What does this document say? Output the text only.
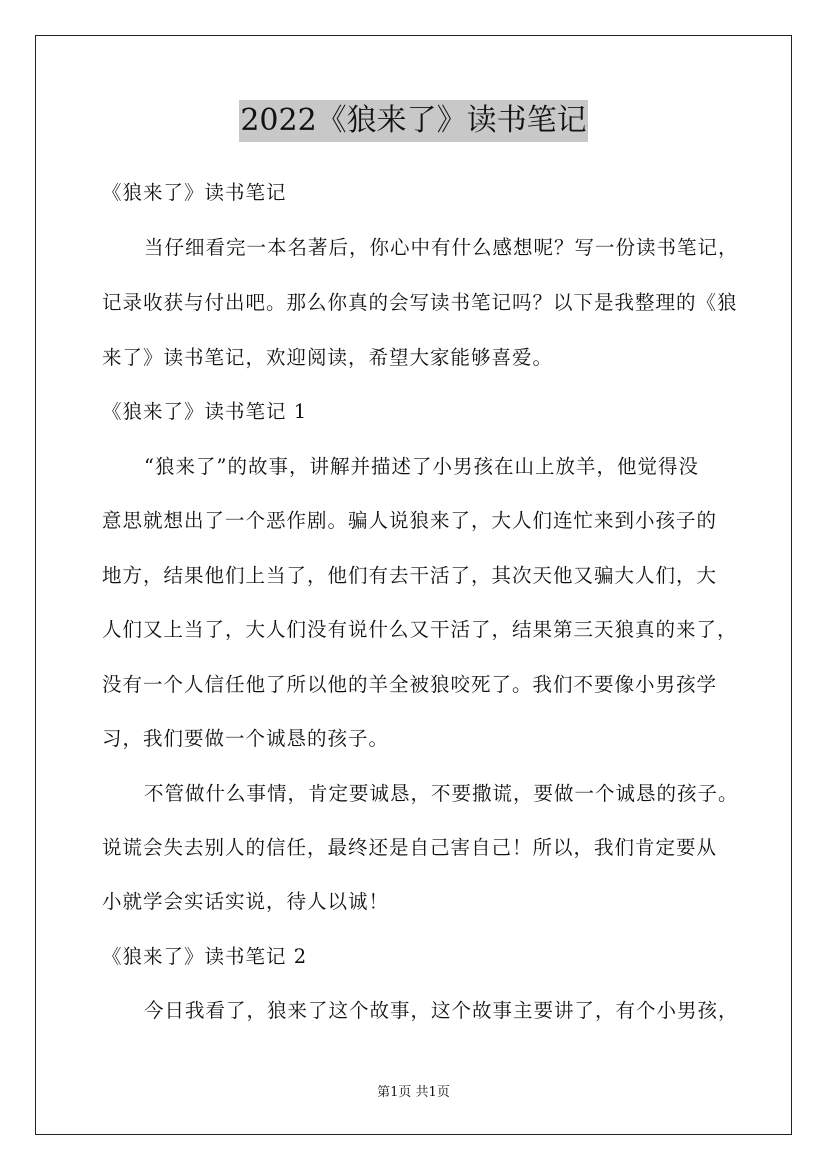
2022《狼来了》读书笔记
《狼来了》读书笔记
当仔细看完一本名著后，你心中有什么感想呢？写一份读书笔记，
记录收获与付出吧。那么你真的会写读书笔记吗？以下是我整理的《狼
来了》读书笔记，欢迎阅读，希望大家能够喜爱。
《狼来了》读书笔记 1
“狼来了”的故事，讲解并描述了小男孩在山上放羊，他觉得没
意思就想出了一个恶作剧。骗人说狼来了，大人们连忙来到小孩子的
地方，结果他们上当了，他们有去干活了，其次天他又骗大人们，大
人们又上当了，大人们没有说什么又干活了，结果第三天狼真的来了，
没有一个人信任他了所以他的羊全被狼咬死了。我们不要像小男孩学
习，我们要做一个诚恳的孩子。
不管做什么事情，肯定要诚恳，不要撒谎，要做一个诚恳的孩子。
说谎会失去别人的信任，最终还是自己害自己！所以，我们肯定要从
小就学会实话实说，待人以诚！
《狼来了》读书笔记 2
今日我看了，狼来了这个故事，这个故事主要讲了，有个小男孩，
第1页 共1页
